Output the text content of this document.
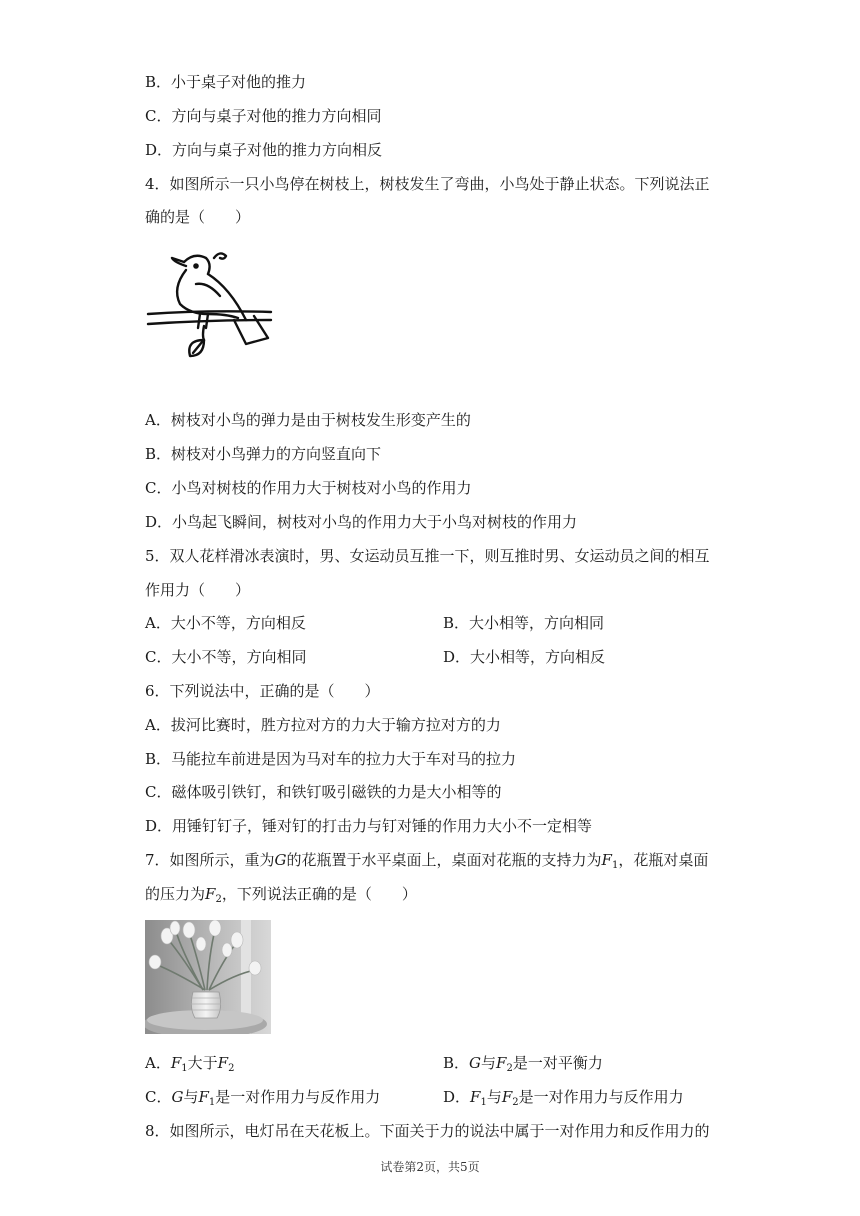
B．小于桌子对他的推力
C．方向与桌子对他的推力方向相同
D．方向与桌子对他的推力方向相反
4．如图所示一只小鸟停在树枝上，树枝发生了弯曲，小鸟处于静止状态。下列说法正
确的是（　　）
A．树枝对小鸟的弹力是由于树枝发生形变产生的
B．树枝对小鸟弹力的方向竖直向下
C．小鸟对树枝的作用力大于树枝对小鸟的作用力
D．小鸟起飞瞬间，树枝对小鸟的作用力大于小鸟对树枝的作用力
5．双人花样滑冰表演时，男、女运动员互推一下，则互推时男、女运动员之间的相互
作用力（　　）
A．大小不等，方向相反	B．大小相等，方向相同
C．大小不等，方向相同	D．大小相等，方向相反
6．下列说法中，正确的是（　　）
A．拔河比赛时，胜方拉对方的力大于输方拉对方的力
B．马能拉车前进是因为马对车的拉力大于车对马的拉力
C．磁体吸引铁钉，和铁钉吸引磁铁的力是大小相等的
D．用锤钉钉子，锤对钉的打击力与钉对锤的作用力大小不一定相等
7．如图所示，重为G的花瓶置于水平桌面上，桌面对花瓶的支持力为$F_1$，花瓶对桌面
的压力为$F_2$，下列说法正确的是（　　）
A．$F_1$大于$F_2$	B．G与$F_2$是一对平衡力
C．G与$F_1$是一对作用力与反作用力	D．$F_1$与$F_2$是一对作用力与反作用力
8．如图所示，电灯吊在天花板上。下面关于力的说法中属于一对作用力和反作用力的
试卷第2页，共5页
